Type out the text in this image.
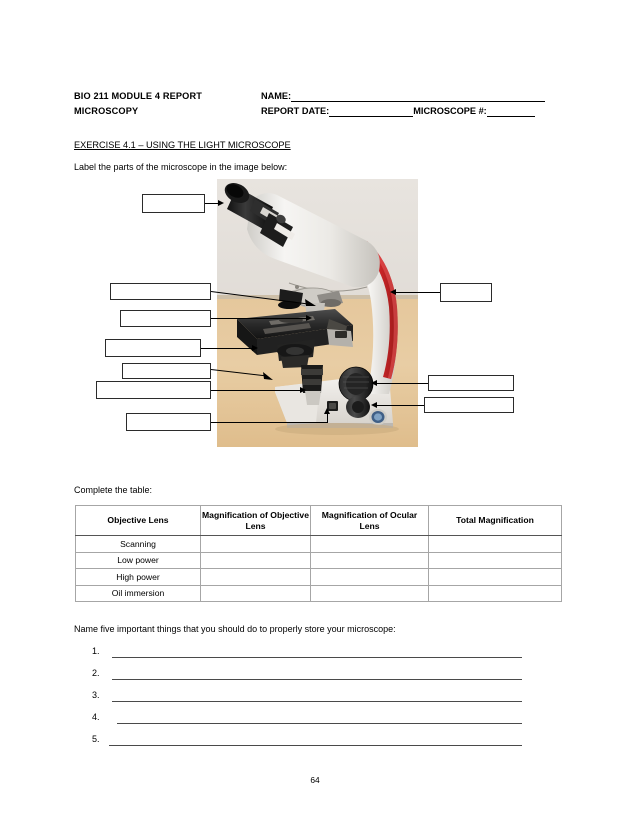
BIO 211 MODULE 4 REPORT
MICROSCOPY
NAME:
REPORT DATE:	MICROSCOPE #:
EXERCISE 4.1 – USING THE LIGHT MICROSCOPE
Label the parts of the microscope in the image below:
Complete the table:
Objective Lens	Magnification of Objective Lens	Magnification of Ocular Lens	Total Magnification
Scanning			
Low power			
High power			
Oil immersion			
Name five important things that you should do to properly store your microscope:
1.
2.
3.
4.
5.
64
